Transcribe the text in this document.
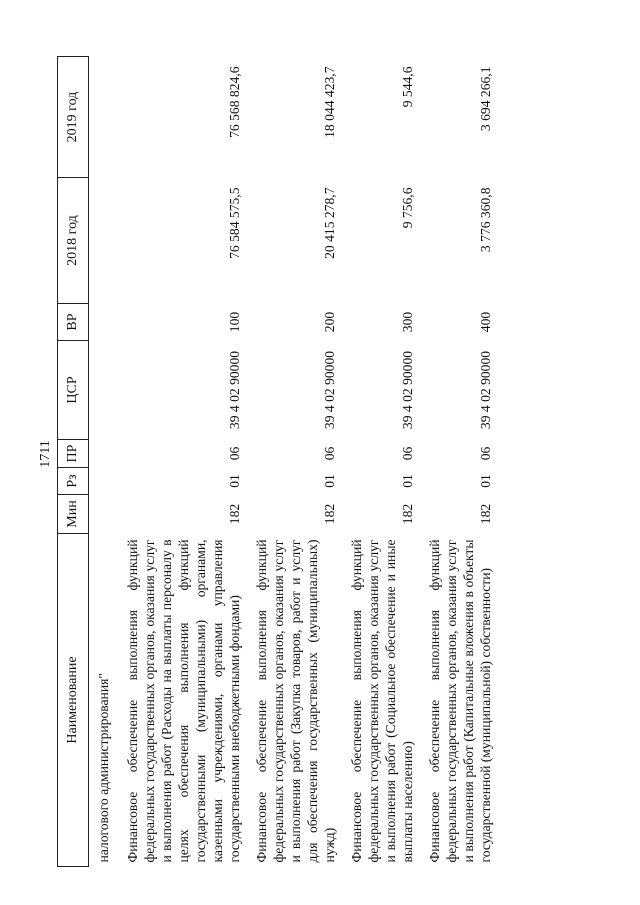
1711
Наименование	Мин	Рз	ПР	ЦСР	ВР	2018 год	2019 год
налогового администрирования"							
Финансовое обеспечение выполнения функций федеральных государственных органов, оказания услуг и выполнения работ (Расходы на выплаты персоналу в целях обеспечения выполнения функций государственными (муниципальными) органами, казенными учреждениями, органами управления государственными внебюджетными фондами)	182	01	06	39 4 02 90000	100	76 584 575,5	76 568 824,6
Финансовое обеспечение выполнения функций федеральных государственных органов, оказания услуг и выполнения работ (Закупка товаров, работ и услуг для обеспечения государственных (муниципальных) нужд)	182	01	06	39 4 02 90000	200	20 415 278,7	18 044 423,7
Финансовое обеспечение выполнения функций федеральных государственных органов, оказания услуг и выполнения работ (Социальное обеспечение и иные выплаты населению)	182	01	06	39 4 02 90000	300	9 756,6	9 544,6
Финансовое обеспечение выполнения функций федеральных государственных органов, оказания услуг и выполнения работ (Капитальные вложения в объекты государственной (муниципальной) собственности)	182	01	06	39 4 02 90000	400	3 776 360,8	3 694 266,1
